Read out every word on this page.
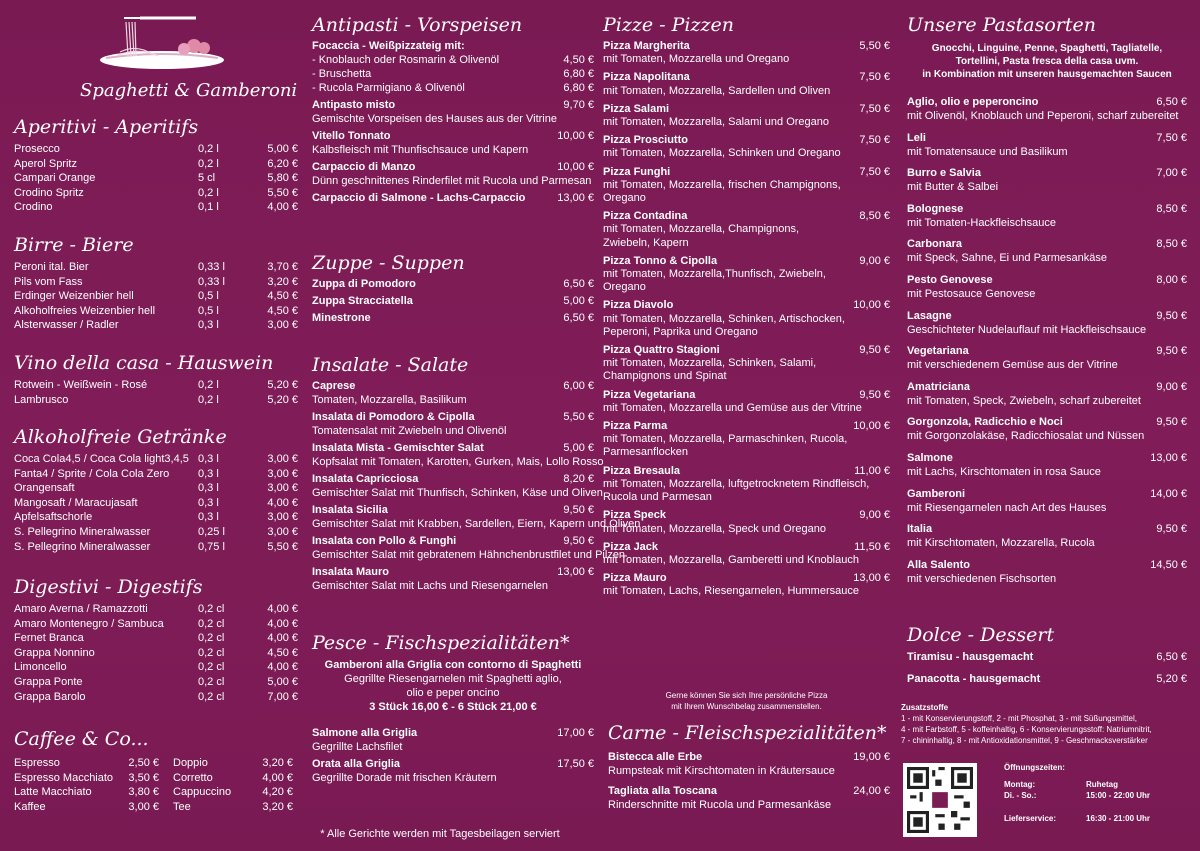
Spaghetti & Gamberoni
Aperitivi - Aperitifs
Prosecco	0,2 l	5,00 €
Aperol Spritz	0,2 l	6,20 €
Campari Orange	5 cl	5,80 €
Crodino Spritz	0,2 l	5,50 €
Crodino	0,1 l	4,00 €
Birre - Biere
Peroni ital. Bier	0,33 l	3,70 €
Pils vom Fass	0,33 l	3,20 €
Erdinger Weizenbier hell	0,5 l	4,50 €
Alkoholfreies Weizenbier hell	0,5 l	4,50 €
Alsterwasser / Radler	0,3 l	3,00 €
Vino della casa - Hauswein
Rotwein - Weißwein - Rosé	0,2 l	5,20 €
Lambrusco	0,2 l	5,20 €
Alkoholfreie Getränke
Coca Cola4,5 / Coca Cola light3,4,5 0,3 l	3,00 €
Fanta4 / Sprite / Cola Cola Zero	0,3 l	3,00 €
Orangensaft	0,3 l	3,00 €
Mangosaft / Maracujasaft	0,3 l	4,00 €
Apfelsaftschorle	0,3 l	3,00 €
S. Pellegrino Mineralwasser	0,25 l	3,00 €
S. Pellegrino Mineralwasser	0,75 l	5,50 €
Digestivi - Digestifs
Amaro Averna / Ramazzotti	0,2 cl	4,00 €
Amaro Montenegro / Sambuca	0,2 cl	4,00 €
Fernet Branca	0,2 cl	4,00 €
Grappa Nonnino	0,2 cl	4,50 €
Limoncello	0,2 cl	4,00 €
Grappa Ponte	0,2 cl	5,00 €
Grappa Barolo	0,2 cl	7,00 €
Caffee & Co...
Espresso	2,50 €
Espresso Macchiato	3,50 €
Latte Macchiato	3,80 €
Kaffee	3,00 €
Doppio	3,20 €
Corretto	4,00 €
Cappuccino	4,20 €
Tee	3,20 €
Antipasti - Vorspeisen
Focaccia - Weißpizzateig mit:
- Knoblauch oder Rosmarin & Olivenöl	4,50 €
- Bruschetta	6,80 €
- Rucola Parmigiano & Olivenöl	6,80 €
Antipasto misto	9,70 €
Gemischte Vorspeisen des Hauses aus der Vitrine
Vitello Tonnato	10,00 €
Kalbsfleisch mit Thunfischsauce und Kapern
Carpaccio di Manzo	10,00 €
Dünn geschnittenes Rinderfilet mit Rucola und Parmesan
Carpaccio di Salmone - Lachs-Carpaccio	13,00 €
Zuppe - Suppen
Zuppa di Pomodoro	6,50 €
Zuppa Stracciatella	5,00 €
Minestrone	6,50 €
Insalate - Salate
Caprese	6,00 €
Tomaten, Mozzarella, Basilikum
Insalata di Pomodoro & Cipolla	5,50 €
Tomatensalat mit Zwiebeln und Olivenöl
Insalata Mista - Gemischter Salat	5,00 €
Kopfsalat mit Tomaten, Karotten, Gurken, Mais, Lollo Rosso
Insalata Capricciosa	8,20 €
Gemischter Salat mit Thunfisch, Schinken, Käse und Oliven
Insalata Sicilia	9,50 €
Gemischter Salat mit Krabben, Sardellen, Eiern, Kapern und Oliven
Insalata con Pollo & Funghi	9,50 €
Gemischter Salat mit gebratenem Hähnchenbrustfilet und Pilzen
Insalata Mauro	13,00 €
Gemischter Salat mit Lachs und Riesengarnelen
Pesce - Fischspezialitäten*
Gamberoni alla Griglia con contorno di Spaghetti
Gegrillte Riesengarnelen mit Spaghetti aglio,
olio e peper oncino
3 Stück 16,00 € - 6 Stück 21,00 €
Salmone alla Griglia	17,00 €
Gegrillte Lachsfilet
Orata alla Griglia	17,50 €
Gegrillte Dorade mit frischen Kräutern
Pizze - Pizzen
Pizza Margherita	5,50 €
mit Tomaten, Mozzarella und Oregano
Pizza Napolitana	7,50 €
mit Tomaten, Mozzarella, Sardellen und Oliven
Pizza Salami	7,50 €
mit Tomaten, Mozzarella, Salami und Oregano
Pizza Prosciutto	7,50 €
mit Tomaten, Mozzarella, Schinken und Oregano
Pizza Funghi	7,50 €
mit Tomaten, Mozzarella, frischen Champignons,
Oregano
Pizza Contadina	8,50 €
mit Tomaten, Mozzarella, Champignons,
Zwiebeln, Kapern
Pizza Tonno & Cipolla	9,00 €
mit Tomaten, Mozzarella,Thunfisch, Zwiebeln,
Oregano
Pizza Diavolo	10,00 €
mit Tomaten, Mozzarella, Schinken, Artischocken,
Peperoni, Paprika und Oregano
Pizza Quattro Stagioni	9,50 €
mit Tomaten, Mozzarella, Schinken, Salami,
Champignons und Spinat
Pizza Vegetariana	9,50 €
mit Tomaten, Mozzarella und Gemüse aus der Vitrine
Pizza Parma	10,00 €
mit Tomaten, Mozzarella, Parmaschinken, Rucola,
Parmesanflocken
Pizza Bresaula	11,00 €
mit Tomaten, Mozzarella, luftgetrocknetem Rindfleisch,
Rucola und Parmesan
Pizza Speck	9,00 €
mit Tomaten, Mozzarella, Speck und Oregano
Pizza Jack	11,50 €
mit Tomaten, Mozzarella, Gamberetti und Knoblauch
Pizza Mauro	13,00 €
mit Tomaten, Lachs, Riesengarnelen, Hummersauce
Gerne können Sie sich Ihre persönliche Pizza
mit Ihrem Wunschbelag zusammenstellen.
Carne - Fleischspezialitäten*
Bistecca alle Erbe	19,00 €
Rumpsteak mit Kirschtomaten in Kräutersauce
Tagliata alla Toscana	24,00 €
Rinderschnitte mit Rucola und Parmesankäse
Unsere Pastasorten
Gnocchi, Linguine, Penne, Spaghetti, Tagliatelle,
Tortellini, Pasta fresca della casa uvm.
in Kombination mit unseren hausgemachten Saucen
Aglio, olio e peperoncino	6,50 €
mit Olivenöl, Knoblauch und Peperoni, scharf zubereitet
Leli	7,50 €
mit Tomatensauce und Basilikum
Burro e Salvia	7,00 €
mit Butter & Salbei
Bolognese	8,50 €
mit Tomaten-Hackfleischsauce
Carbonara	8,50 €
mit Speck, Sahne, Ei und Parmesankäse
Pesto Genovese	8,00 €
mit Pestosauce Genovese
Lasagne	9,50 €
Geschichteter Nudelauflauf mit Hackfleischsauce
Vegetariana	9,50 €
mit verschiedenem Gemüse aus der Vitrine
Amatriciana	9,00 €
mit Tomaten, Speck, Zwiebeln, scharf zubereitet
Gorgonzola, Radicchio e Noci	9,50 €
mit Gorgonzolakäse, Radicchiosalat und Nüssen
Salmone	13,00 €
mit Lachs, Kirschtomaten in rosa Sauce
Gamberoni	14,00 €
mit Riesengarnelen nach Art des Hauses
Italia	9,50 €
mit Kirschtomaten, Mozzarella, Rucola
Alla Salento	14,50 €
mit verschiedenen Fischsorten
Dolce - Dessert
Tiramisu - hausgemacht	6,50 €
Panacotta - hausgemacht	5,20 €
Zusatzstoffe
1 - mit Konservierungstoff, 2 - mit Phosphat, 3 - mit Süßungsmittel,
4 - mit Farbstoff, 5 - koffeinhaltig, 6 - Konservierungsstoff: Natriumnitrit,
7 - chininhaltig, 8 - mit Antioxidationsmittel, 9 - Geschmacksverstärker
Öffnungszeiten:
Montag:	Ruhetag
Di. - So.:	15:00 - 22:00 Uhr
Lieferservice:	16:30 - 21:00 Uhr
* Alle Gerichte werden mit Tagesbeilagen serviert
